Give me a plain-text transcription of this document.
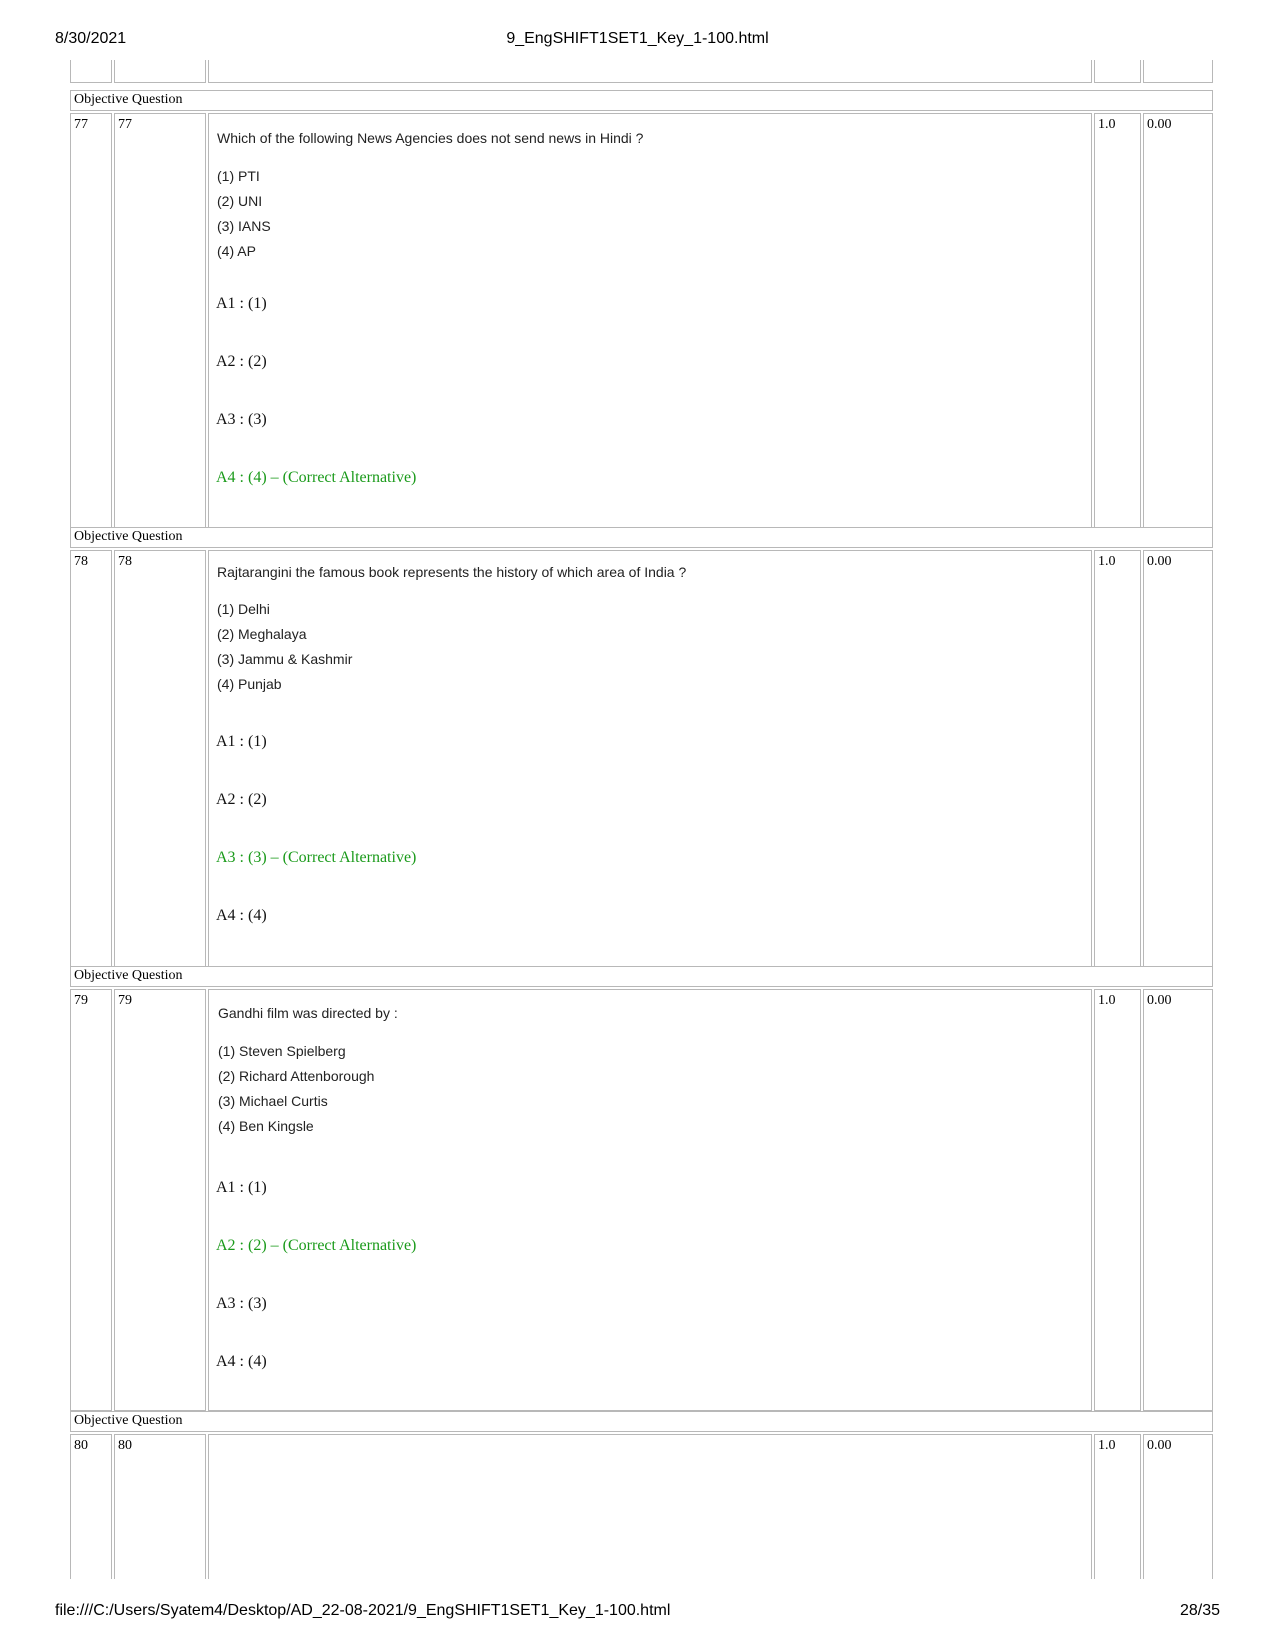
8/30/2021	9_EngSHIFT1SET1_Key_1-100.html
Objective Question
77 77
Which of the following News Agencies does not send news in Hindi ?
(1) PTI
(2) UNI
(3) IANS
(4) AP
A1 : (1)
A2 : (2)
A3 : (3)
A4 : (4) – (Correct Alternative)
1.0 0.00
Objective Question
78 78
Rajtarangini the famous book represents the history of which area of India ?
(1) Delhi
(2) Meghalaya
(3) Jammu & Kashmir
(4) Punjab
A1 : (1)
A2 : (2)
A3 : (3) – (Correct Alternative)
A4 : (4)
1.0 0.00
Objective Question
79 79
Gandhi film was directed by :
(1) Steven Spielberg
(2) Richard Attenborough
(3) Michael Curtis
(4) Ben Kingsle
A1 : (1)
A2 : (2) – (Correct Alternative)
A3 : (3)
A4 : (4)
1.0 0.00
Objective Question
80 80	1.0 0.00
file:///C:/Users/Syatem4/Desktop/AD_22-08-2021/9_EngSHIFT1SET1_Key_1-100.html	28/35
